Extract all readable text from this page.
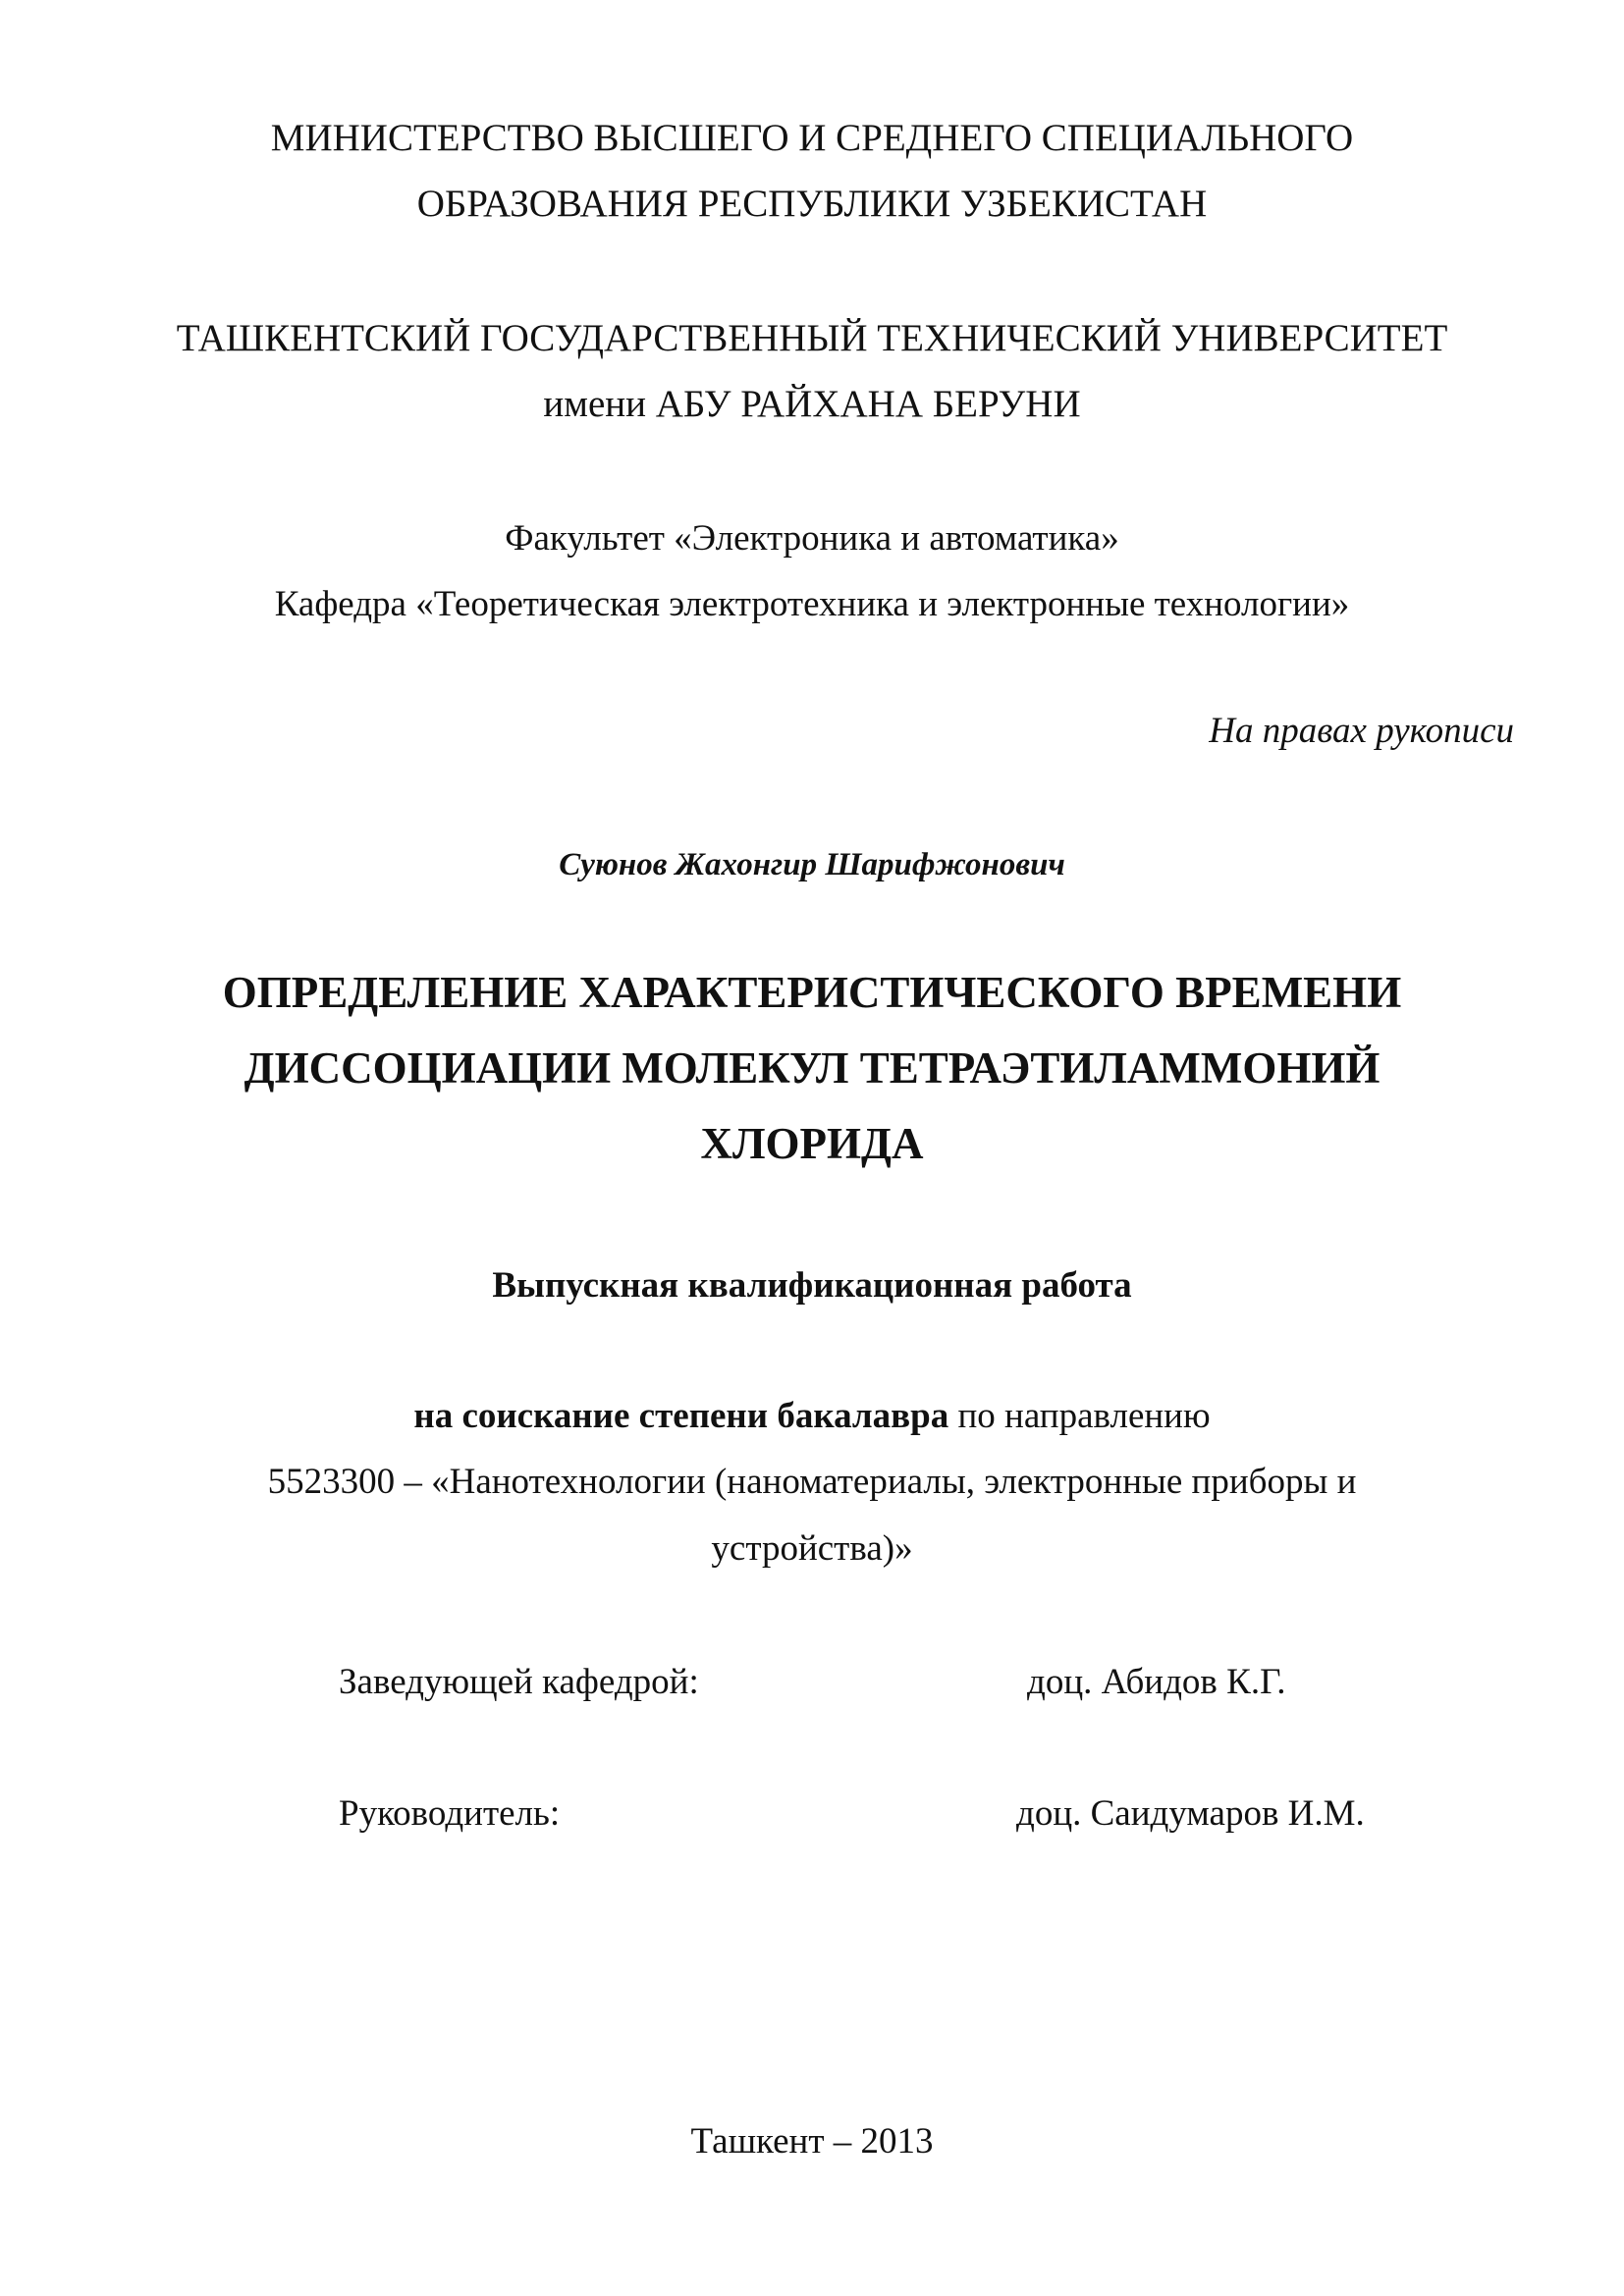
МИНИСТЕРСТВО ВЫСШЕГО И СРЕДНЕГО СПЕЦИАЛЬНОГО
ОБРАЗОВАНИЯ РЕСПУБЛИКИ УЗБЕКИСТАН
ТАШКЕНТСКИЙ ГОСУДАРСТВЕННЫЙ ТЕХНИЧЕСКИЙ УНИВЕРСИТЕТ
имени АБУ РАЙХАНА БЕРУНИ
Факультет «Электроника и автоматика»
Кафедра «Теоретическая электротехника и электронные технологии»
На правах рукописи
Суюнов Жахонгир Шарифжонович
ОПРЕДЕЛЕНИЕ ХАРАКТЕРИСТИЧЕСКОГО ВРЕМЕНИ
ДИССОЦИАЦИИ МОЛЕКУЛ ТЕТРАЭТИЛАММОНИЙ
ХЛОРИДА
Выпускная квалификационная работа
на соискание степени бакалавра по направлению
5523300 – «Нанотехнологии (наноматериалы, электронные приборы и
устройства)»
Заведующей кафедрой:	доц. Абидов К.Г.
Руководитель:	доц. Саидумаров И.М.
Ташкент – 2013
